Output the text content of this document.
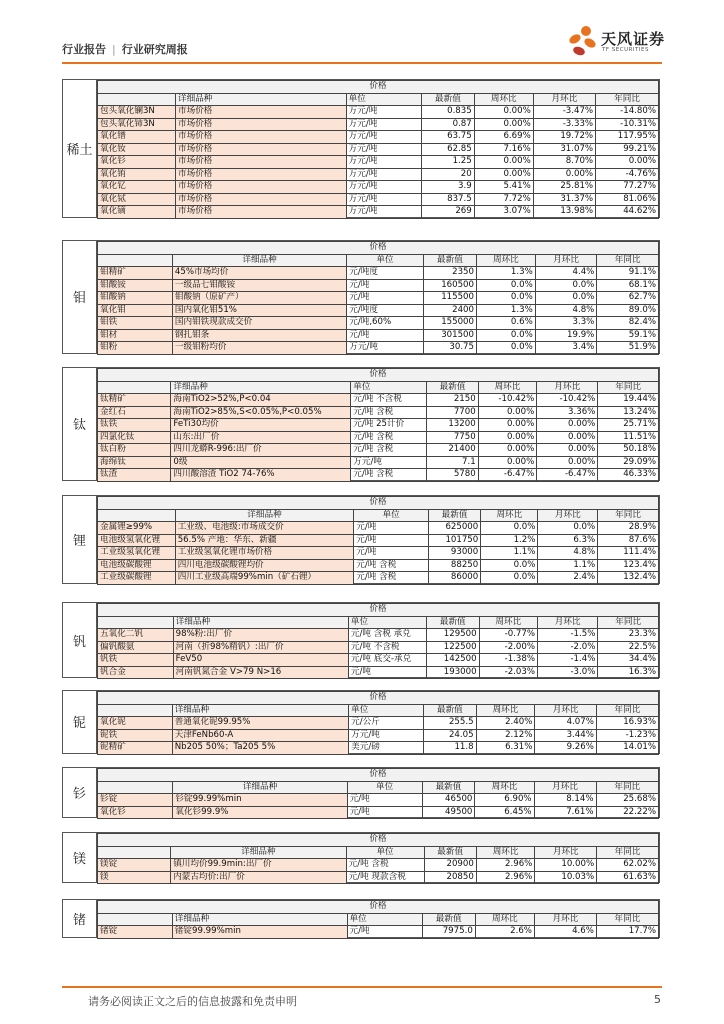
行业报告 | 行业研究周报
天风证券
TF SECURITIES
稀土
价格						
	详细品种	单位	最新值	周环比	月环比	年同比
包头氧化镧3N	市场价格	万元/吨	0.835	0.00%	-3.47%	-14.80%
包头氧化铈3N	市场价格	万元/吨	0.87	0.00%	-3.33%	-10.31%
氧化镨	市场价格	万元/吨	63.75	6.69%	19.72%	117.95%
氧化钕	市场价格	万元/吨	62.85	7.16%	31.07%	99.21%
氧化钐	市场价格	万元/吨	1.25	0.00%	8.70%	0.00%
氧化铕	市场价格	万元/吨	20	0.00%	0.00%	-4.76%
氧化钇	市场价格	万元/吨	3.9	5.41%	25.81%	77.27%
氧化铽	市场价格	万元/吨	837.5	7.72%	31.37%	81.06%
氧化镝	市场价格	万元/吨	269	3.07%	13.98%	44.62%
钼
价格						
	详细品种	单位	最新值	周环比	月环比	年同比
钼精矿	45%市场均价	元/吨度	2350	1.3%	4.4%	91.1%
钼酸铵	一级品七钼酸铵	元/吨	160500	0.0%	0.0%	68.1%
钼酸钠	钼酸钠（原矿产）	元/吨	115500	0.0%	0.0%	62.7%
氧化钼	国内氧化钼51%	元/吨度	2400	1.3%	4.8%	89.0%
钼铁	国内钼铁现款成交价	元/吨,60%	155000	0.6%	3.3%	82.4%
钼材	钢扎钼条	元/吨	301500	0.0%	19.9%	59.1%
钼粉	一级钼粉均价	万元/吨	30.75	0.0%	3.4%	51.9%
钛
价格						
	详细品种	单位	最新值	周环比	月环比	年同比
钛精矿	海南TiO2>52%,P<0.04	元/吨 不含税	2150	-10.42%	-10.42%	19.44%
金红石	海南TiO2>85%,S<0.05%,P<0.05%	元/吨 含税	7700	0.00%	3.36%	13.24%
钛铁	FeTi30均价	元/吨 25计价	13200	0.00%	0.00%	25.71%
四氯化钛	山东:出厂价	元/吨 含税	7750	0.00%	0.00%	11.51%
钛白粉	四川龙蟒R-996:出厂价	元/吨 含税	21400	0.00%	0.00%	50.18%
海绵钛	0级	万元/吨	7.1	0.00%	0.00%	29.09%
钛渣	四川酸溶渣 TiO2 74-76%	元/吨 含税	5780	-6.47%	-6.47%	46.33%
锂
价格						
	详细品种	单位	最新值	周环比	月环比	年同比
金属锂≥99%	工业级、电池级:市场成交价	元/吨	625000	0.0%	0.0%	28.9%
电池级氢氧化锂	56.5% 产地：华东、新疆	元/吨	101750	1.2%	6.3%	87.6%
工业级氢氧化锂	工业级氢氧化锂市场价格	元/吨	93000	1.1%	4.8%	111.4%
电池级碳酸锂	四川电池级碳酸锂均价	元/吨 含税	88250	0.0%	1.1%	123.4%
工业级碳酸锂	四川工业级高端99%min（矿石锂）	元/吨 含税	86000	0.0%	2.4%	132.4%
钒
价格						
	详细品种	单位	最新值	周环比	月环比	年同比
五氧化二钒	98%粉:出厂价	元/吨 含税 承兑	129500	-0.77%	-1.5%	23.3%
偏钒酸氨	河南（折98%精钒）:出厂价	元/吨 不含税	122500	-2.00%	-2.0%	22.5%
钒铁	FeV50	元/吨 底交-承兑	142500	-1.38%	-1.4%	34.4%
钒合金	河南钒氮合金 V>79 N>16	元/吨	193000	-2.03%	-3.0%	16.3%
铌
价格						
	详细品种	单位	最新值	周环比	月环比	年同比
氧化铌	普通氧化铌99.95%	元/公斤	255.5	2.40%	4.07%	16.93%
铌铁	天津FeNb60-A	万元/吨	24.05	2.12%	3.44%	-1.23%
铌精矿	Nb205 50%；Ta205 5%	美元/磅	11.8	6.31%	9.26%	14.01%
钐
价格						
	详细品种	单位	最新值	周环比	月环比	年同比
钐锭	钐锭99.99%min	元/吨	46500	6.90%	8.14%	25.68%
氧化钐	氧化钐99.9%	元/吨	49500	6.45%	7.61%	22.22%
镁
价格						
	详细品种	单位	最新值	周环比	月环比	年同比
镁锭	镇川均价99.9min:出厂价	元/吨 含税	20900	2.96%	10.00%	62.02%
镁	内蒙古均价:出厂价	元/吨 现款含税	20850	2.96%	10.03%	61.63%
锗
价格						
	详细品种	单位	最新值	周环比	月环比	年同比
锗锭	锗锭99.99%min	元/吨	7975.0	2.6%	4.6%	17.7%
请务必阅读正文之后的信息披露和免责申明	5
